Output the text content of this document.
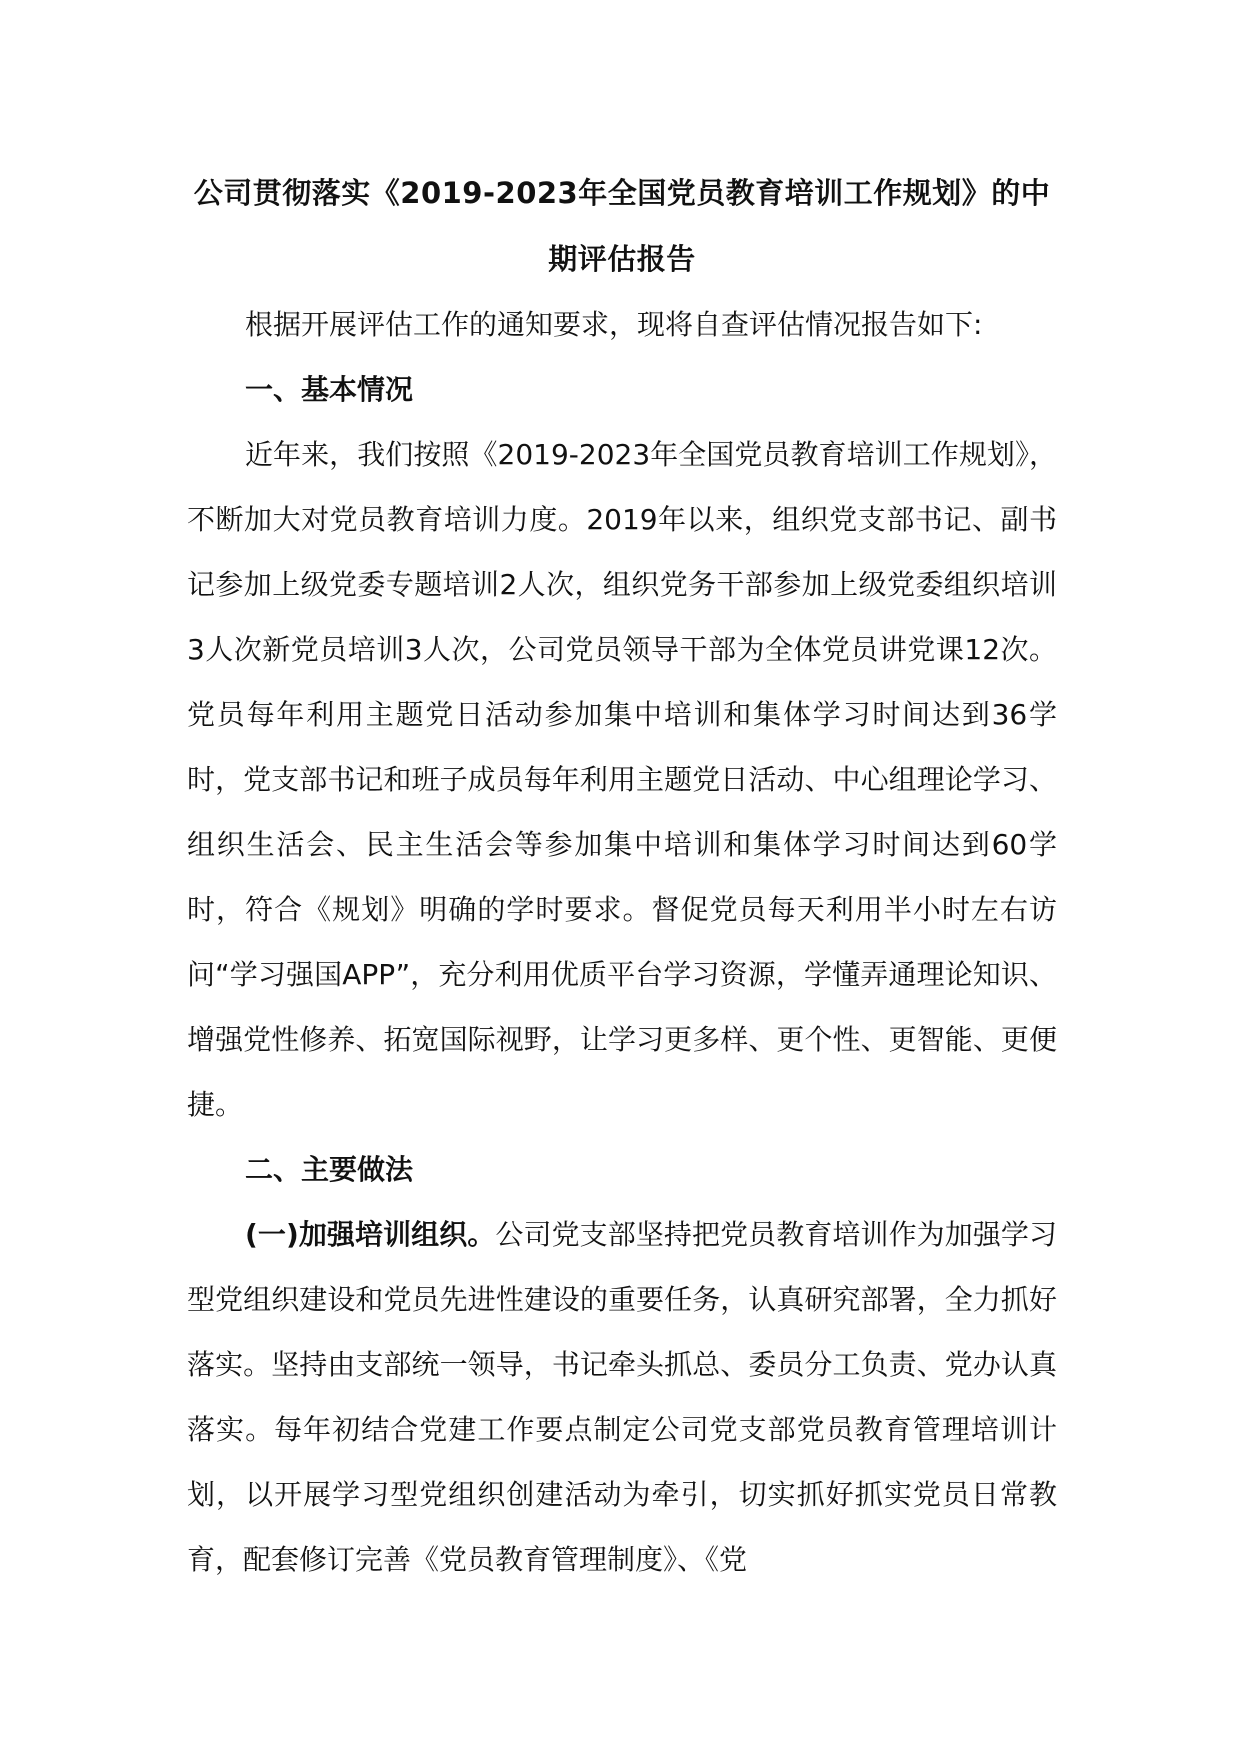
公司贯彻落实《2019-2023年全国党员教育培训工作规划》的中期评估报告

根据开展评估工作的通知要求，现将自查评估情况报告如下:

一、基本情况

近年来，我们按照《2019-2023年全国党员教育培训工作规划》，不断加大对党员教育培训力度。2019年以来，组织党支部书记、副书记参加上级党委专题培训2人次，组织党务干部参加上级党委组织培训3人次新党员培训3人次，公司党员领导干部为全体党员讲党课12次。党员每年利用主题党日活动参加集中培训和集体学习时间达到36学时，党支部书记和班子成员每年利用主题党日活动、中心组理论学习、组织生活会、民主生活会等参加集中培训和集体学习时间达到60学时，符合《规划》明确的学时要求。督促党员每天利用半小时左右访问“学习强国APP”，充分利用优质平台学习资源，学懂弄通理论知识、增强党性修养、拓宽国际视野，让学习更多样、更个性、更智能、更便捷。

二、主要做法

(一)加强培训组织。公司党支部坚持把党员教育培训作为加强学习型党组织建设和党员先进性建设的重要任务，认真研究部署，全力抓好落实。坚持由支部统一领导，书记牵头抓总、委员分工负责、党办认真落实。每年初结合党建工作要点制定公司党支部党员教育管理培训计划，以开展学习型党组织创建活动为牵引，切实抓好抓实党员日常教育，配套修订完善《党员教育管理制度》、《党
